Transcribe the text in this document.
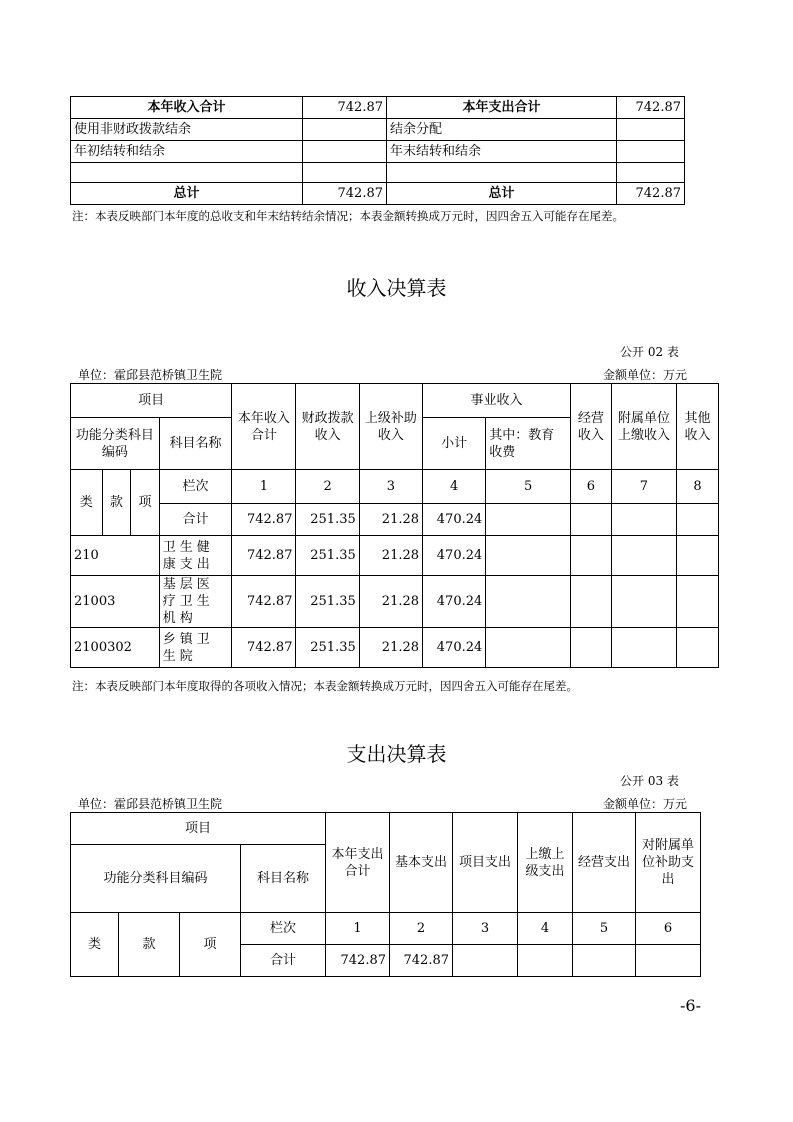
本年收入合计	742.87	本年支出合计	742.87
使用非财政拨款结余		结余分配	
年初结转和结余		年末结转和结余	

总计	742.87	总计	742.87
注：本表反映部门本年度的总收支和年末结转结余情况；本表金额转换成万元时，因四舍五入可能存在尾差。
收入决算表
公开 02 表
单位：霍邱县范桥镇卫生院	金额单位：万元
项目				本年收入合计	财政拨款收入	上级补助收入	事业收入		经营收入	附属单位上缴收入	其他收入
功能分类科目编码			科目名称				小计	其中：教育收费			

类	款	项	栏次	1	2	3	4	5	6	7	8
			合计	742.87	251.35	21.28	470.24				
210			卫生健康支出	742.87	251.35	21.28	470.24				
21003			基层医疗卫生机构	742.87	251.35	21.28	470.24				
2100302			乡镇卫生院	742.87	251.35	21.28	470.24				
注：本表反映部门本年度取得的各项收入情况；本表金额转换成万元时，因四舍五入可能存在尾差。
支出决算表
公开 03 表
单位：霍邱县范桥镇卫生院	金额单位：万元
项目				本年支出合计	基本支出	项目支出	上缴上级支出	经营支出	对附属单位补助支出
功能分类科目编码			科目名称						
类	款	项	栏次	1	2	3	4	5	6
			合计	742.87	742.87				
-6-
